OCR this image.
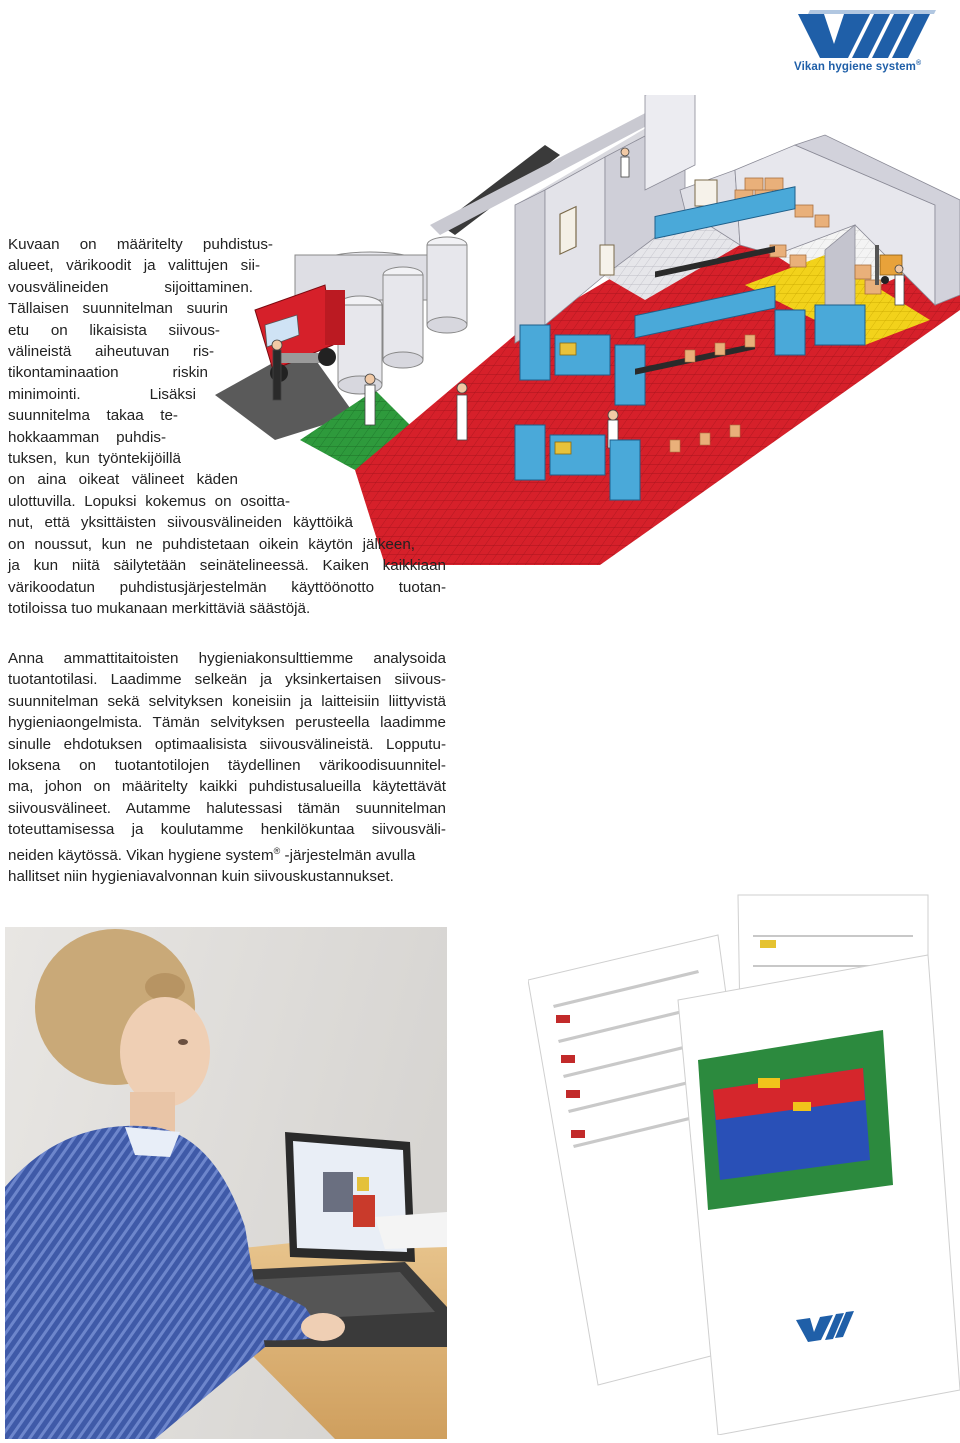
Vikan hygiene system®
Kuvaan on määritelty puhdistus-
alueet, värikoodit ja valittujen sii-
vousvälineiden sijoittaminen.
Tällaisen suunnitelman suurin
etu on likaisista siivous-
välineistä aiheutuvan ris-
tikontaminaation riskin
minimointi. Lisäksi
suunnitelma takaa te-
hokkaamman puhdis-
tuksen, kun työntekijöillä
on aina oikeat välineet käden
ulottuvilla. Lopuksi kokemus on osoitta-
nut, että yksittäisten siivousvälineiden käyttöikä
on noussut, kun ne puhdistetaan oikein käytön jälkeen,
ja kun niitä säilytetään seinätelineessä. Kaiken kaikkiaan
värikoodatun puhdistusjärjestelmän käyttöönotto tuotan-
totiloissa tuo mukanaan merkittäviä säästöjä.
Anna ammattitaitoisten hygieniakonsulttiemme analysoida
tuotantotilasi. Laadimme selkeän ja yksinkertaisen siivous-
suunnitelman sekä selvityksen koneisiin ja laitteisiin liittyvistä
hygieniaongelmista. Tämän selvityksen perusteella laadimme
sinulle ehdotuksen optimaalisista siivousvälineistä. Lopputu-
loksena on tuotantotilojen täydellinen värikoodisuunnitel-
ma, johon on määritelty kaikki puhdistusalueilla käytettävät
siivousvälineet. Autamme halutessasi tämän suunnitelman
toteuttamisessa ja koulutamme henkilökuntaa siivousväli-
neiden käytössä. Vikan hygiene system® -järjestelmän avulla
hallitset niin hygieniavalvonnan kuin siivouskustannukset.
